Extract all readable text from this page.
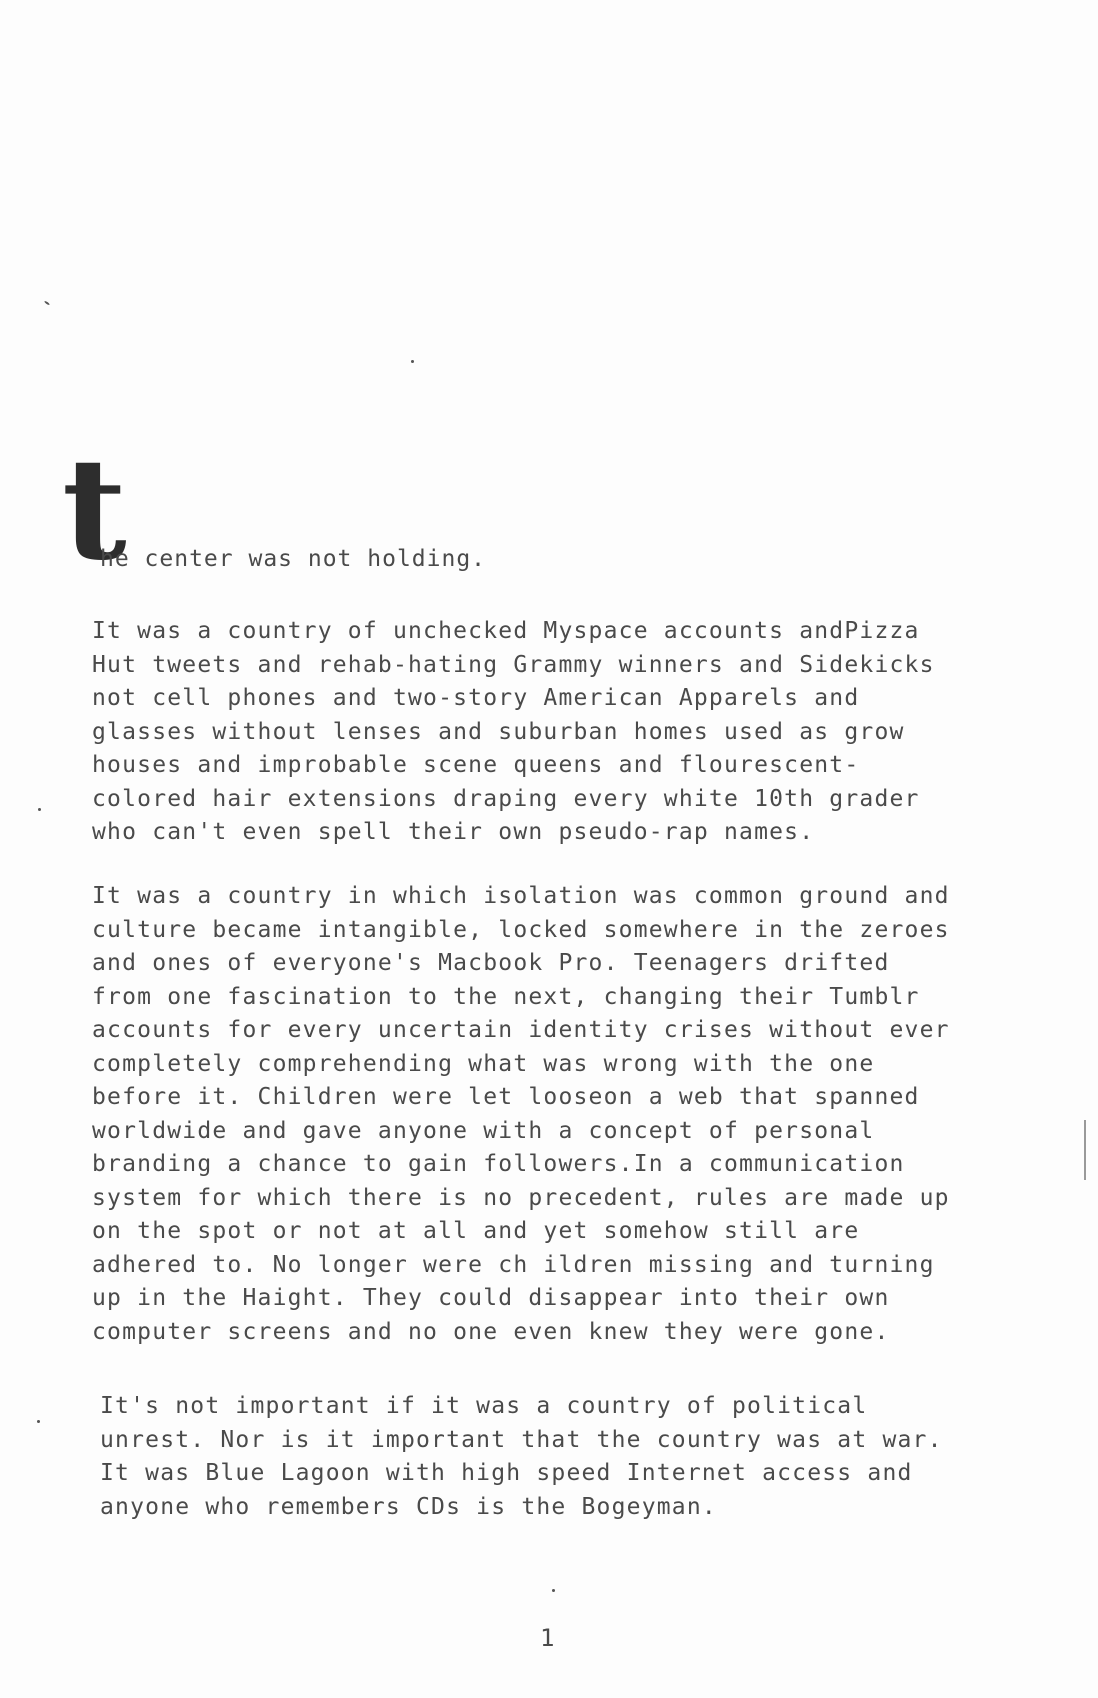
t
he center was not holding.
It was a country of unchecked Myspace accounts andPizza
Hut tweets and rehab-hating Grammy winners and Sidekicks
not cell phones and two-story American Apparels and
glasses without lenses and suburban homes used as grow
houses and improbable scene queens and flourescent-
colored hair extensions draping every white 10th grader
who can't even spell their own pseudo-rap names.
It was a country in which isolation was common ground and
culture became intangible, locked somewhere in the zeroes
and ones of everyone's Macbook Pro. Teenagers drifted
from one fascination to the next, changing their Tumblr
accounts for every uncertain identity crises without ever
completely comprehending what was wrong with the one
before it. Children were let looseon a web that spanned
worldwide and gave anyone with a concept of personal
branding a chance to gain followers.In a communication
system for which there is no precedent, rules are made up
on the spot or not at all and yet somehow still are
adhered to. No longer were ch ildren missing and turning
up in the Haight. They could disappear into their own
computer screens and no one even knew they were gone.
It's not important if it was a country of political
unrest. Nor is it important that the country was at war.
It was Blue Lagoon with high speed Internet access and
anyone who remembers CDs is the Bogeyman.
1
